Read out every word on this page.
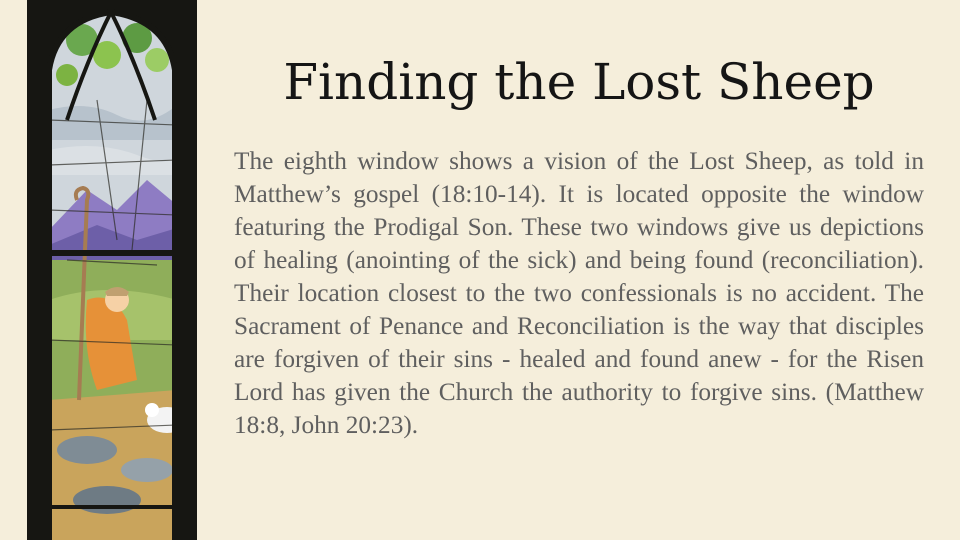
Finding the Lost Sheep

The eighth window shows a vision of the Lost Sheep, as told in Matthew’s gospel (18:10-14). It is located opposite the window featuring the Prodigal Son. These two windows give us depictions of healing (anointing of the sick) and being found (reconciliation). Their location closest to the two confessionals is no accident. The Sacrament of Penance and Reconciliation is the way that disciples are forgiven of their sins - healed and found anew - for the Risen Lord has given the Church the authority to forgive sins. (Matthew 18:8, John 20:23).
